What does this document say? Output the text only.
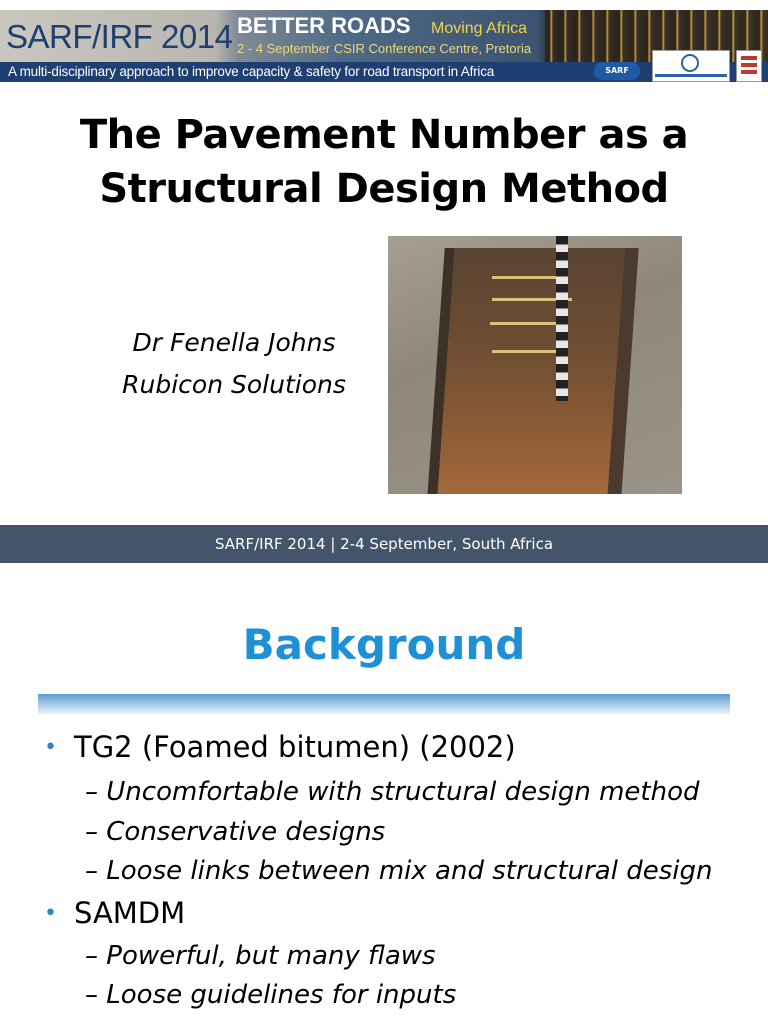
SARF/IRF 2014 BETTER ROADS Moving Africa
2 - 4 September CSIR Conference Centre, Pretoria
A multi-disciplinary approach to improve capacity & safety for road transport in Africa	SARF
The Pavement Number as a
Structural Design Method
Dr Fenella Johns
Rubicon Solutions
SARF/IRF 2014 | 2-4 September, South Africa
Background
• TG2 (Foamed bitumen) (2002)
– Uncomfortable with structural design method
– Conservative designs
– Loose links between mix and structural design
• SAMDM
– Powerful, but many flaws
– Loose guidelines for inputs
